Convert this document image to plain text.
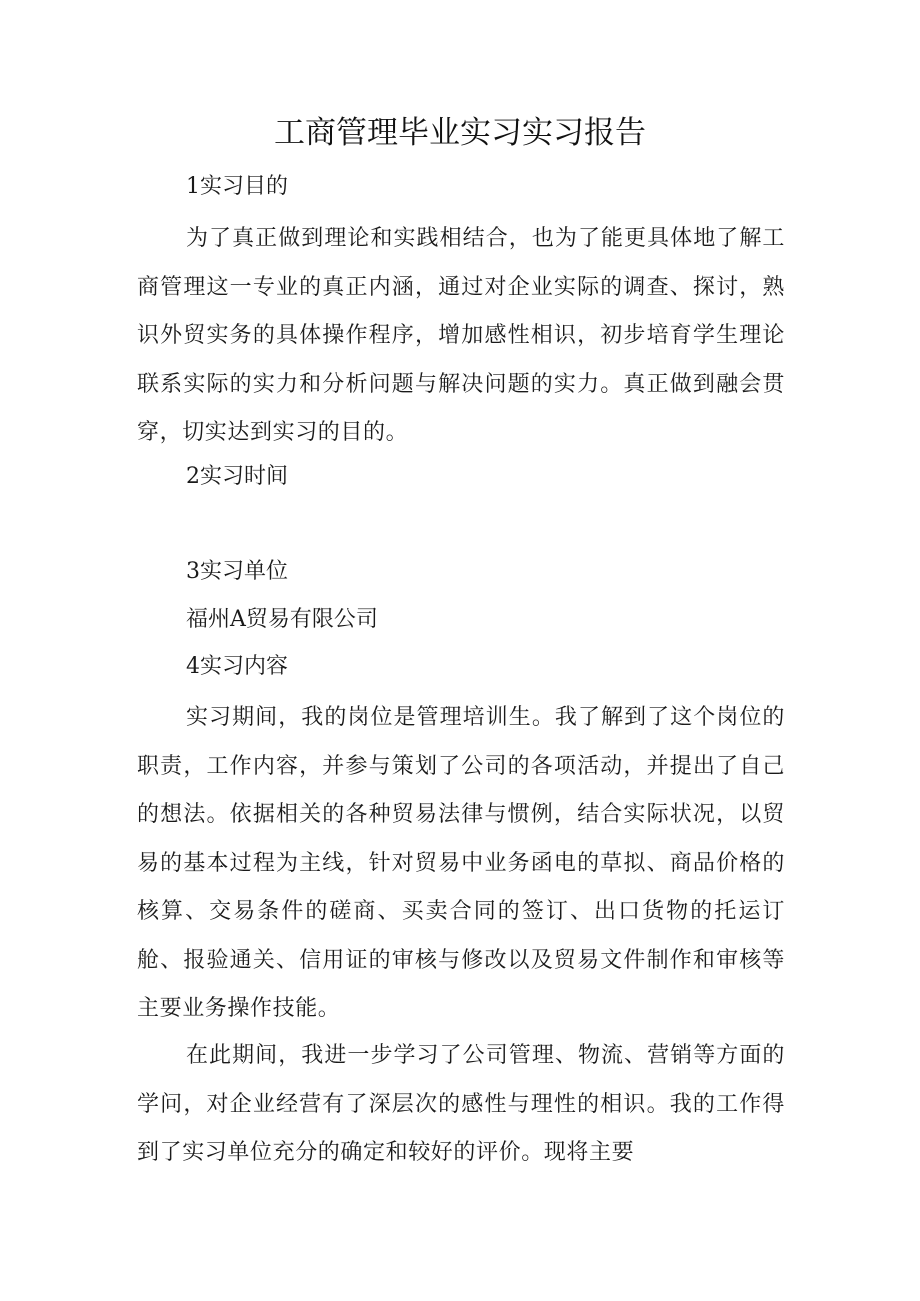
工商管理毕业实习实习报告

1实习目的

为了真正做到理论和实践相结合，也为了能更具体地了解工商管理这一专业的真正内涵，通过对企业实际的调查、探讨，熟识外贸实务的具体操作程序，增加感性相识，初步培育学生理论联系实际的实力和分析问题与解决问题的实力。真正做到融会贯穿，切实达到实习的目的。

2实习时间

3实习单位

福州A贸易有限公司

4实习内容

实习期间，我的岗位是管理培训生。我了解到了这个岗位的职责，工作内容，并参与策划了公司的各项活动，并提出了自己的想法。依据相关的各种贸易法律与惯例，结合实际状况，以贸易的基本过程为主线，针对贸易中业务函电的草拟、商品价格的核算、交易条件的磋商、买卖合同的签订、出口货物的托运订舱、报验通关、信用证的审核与修改以及贸易文件制作和审核等主要业务操作技能。

在此期间，我进一步学习了公司管理、物流、营销等方面的学问，对企业经营有了深层次的感性与理性的相识。我的工作得到了实习单位充分的确定和较好的评价。现将主要
